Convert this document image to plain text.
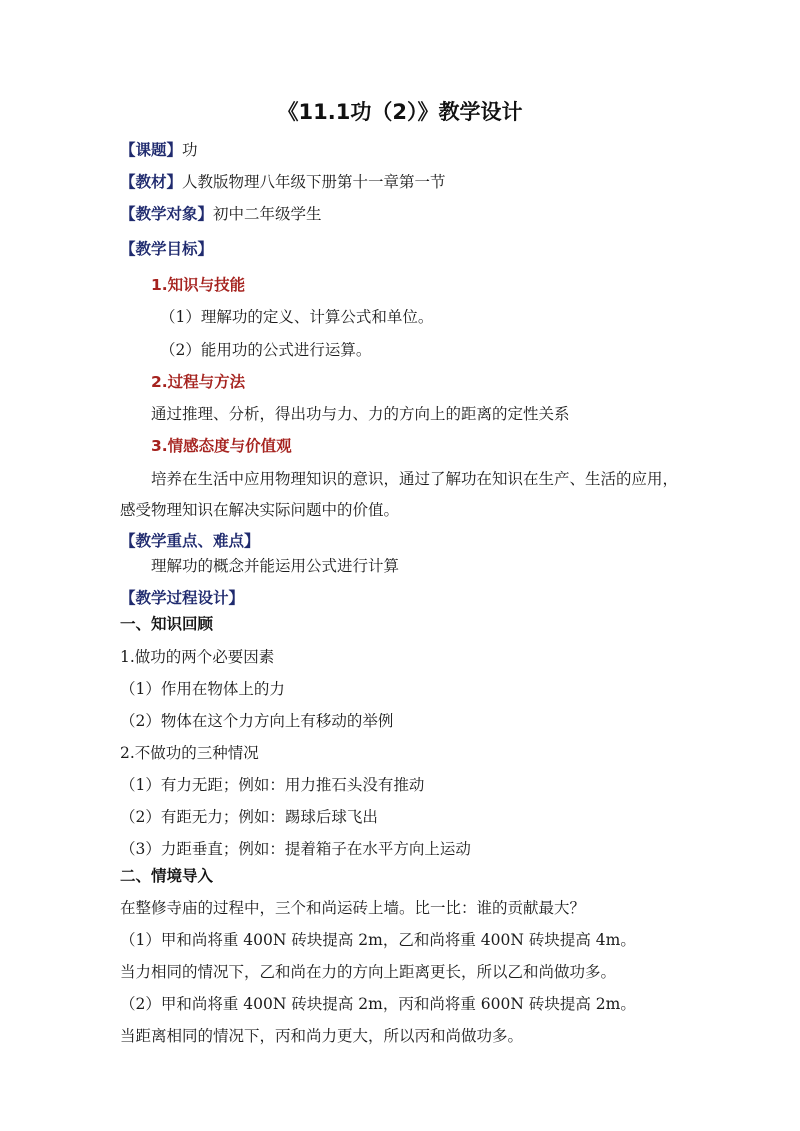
《11.1功（2）》教学设计
【课题】功
【教材】人教版物理八年级下册第十一章第一节
【教学对象】初中二年级学生
【教学目标】
1.知识与技能
（1）理解功的定义、计算公式和单位。
（2）能用功的公式进行运算。
2.过程与方法
通过推理、分析，得出功与力、力的方向上的距离的定性关系
3.情感态度与价值观
培养在生活中应用物理知识的意识，通过了解功在知识在生产、生活的应用，
感受物理知识在解决实际问题中的价值。
【教学重点、难点】
理解功的概念并能运用公式进行计算
【教学过程设计】
一、知识回顾
1.做功的两个必要因素
（1）作用在物体上的力
（2）物体在这个力方向上有移动的举例
2.不做功的三种情况
（1）有力无距；例如：用力推石头没有推动
（2）有距无力；例如：踢球后球飞出
（3）力距垂直；例如：提着箱子在水平方向上运动
二、情境导入
在整修寺庙的过程中，三个和尚运砖上墙。比一比：谁的贡献最大？
（1）甲和尚将重 400N 砖块提高 2m，乙和尚将重 400N 砖块提高 4m。
当力相同的情况下，乙和尚在力的方向上距离更长，所以乙和尚做功多。
（2）甲和尚将重 400N 砖块提高 2m，丙和尚将重 600N 砖块提高 2m。
当距离相同的情况下，丙和尚力更大，所以丙和尚做功多。
